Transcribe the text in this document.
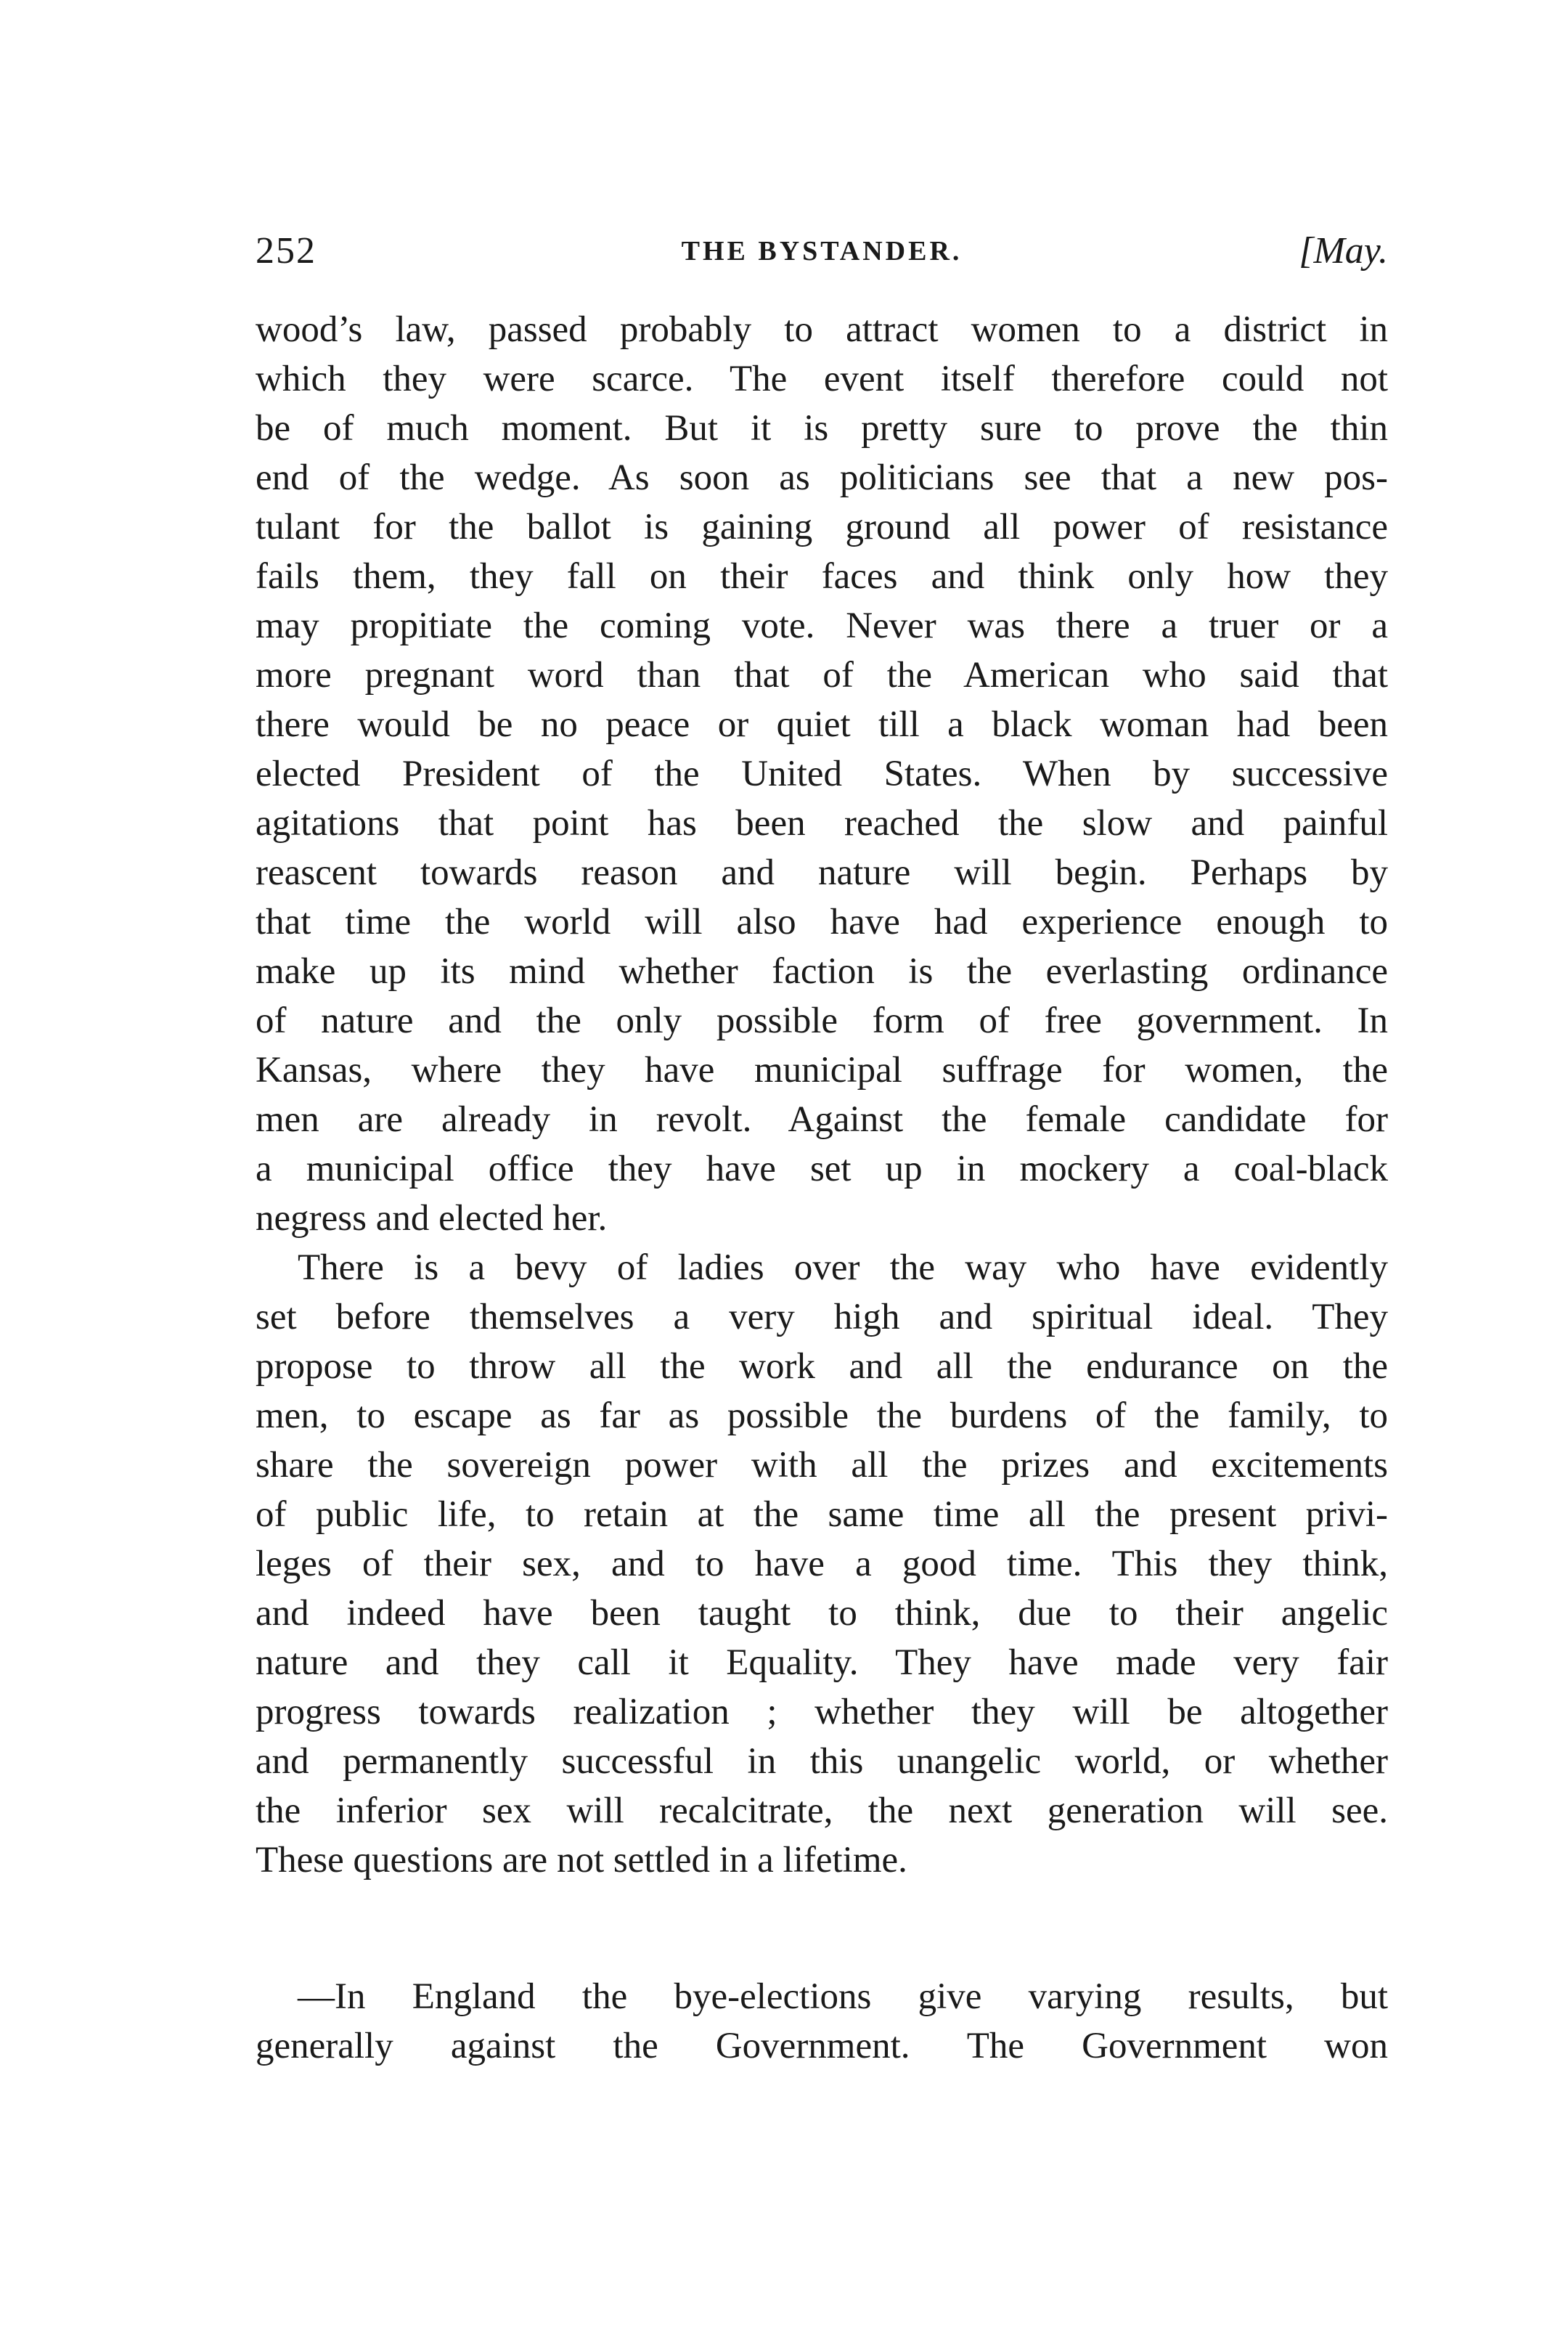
252	THE BYSTANDER.	[May.
wood’s law, passed probably to attract women to a district in
which they were scarce. The event itself therefore could not
be of much moment. But it is pretty sure to prove the thin
end of the wedge. As soon as politicians see that a new pos-
tulant for the ballot is gaining ground all power of resistance
fails them, they fall on their faces and think only how they
may propitiate the coming vote. Never was there a truer or a
more pregnant word than that of the American who said that
there would be no peace or quiet till a black woman had been
elected President of the United States. When by successive
agitations that point has been reached the slow and painful
reascent towards reason and nature will begin. Perhaps by
that time the world will also have had experience enough to
make up its mind whether faction is the everlasting ordinance
of nature and the only possible form of free government. In
Kansas, where they have municipal suffrage for women, the
men are already in revolt. Against the female candidate for
a municipal office they have set up in mockery a coal-black
negress and elected her.
There is a bevy of ladies over the way who have evidently
set before themselves a very high and spiritual ideal. They
propose to throw all the work and all the endurance on the
men, to escape as far as possible the burdens of the family, to
share the sovereign power with all the prizes and excitements
of public life, to retain at the same time all the present privi-
leges of their sex, and to have a good time. This they think,
and indeed have been taught to think, due to their angelic
nature and they call it Equality. They have made very fair
progress towards realization ; whether they will be altogether
and permanently successful in this unangelic world, or whether
the inferior sex will recalcitrate, the next generation will see.
These questions are not settled in a lifetime.
—In England the bye-elections give varying results, but
generally against the Government. The Government won
